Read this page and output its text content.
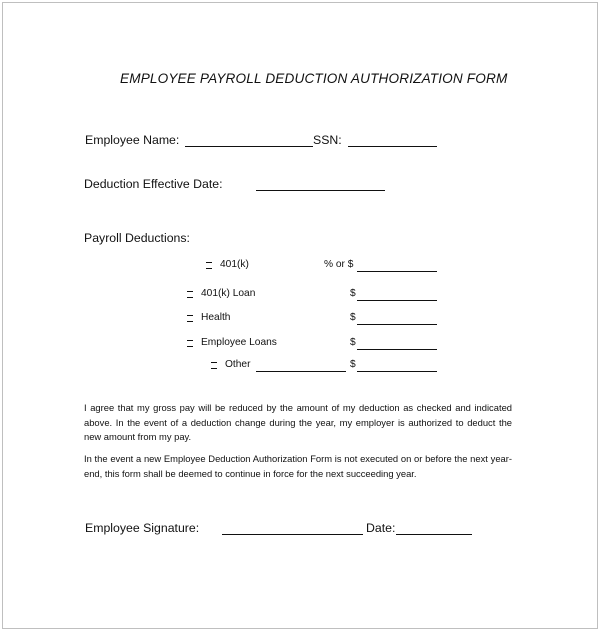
EMPLOYEE PAYROLL DEDUCTION AUTHORIZATION FORM
Employee Name:	SSN:
Deduction Effective Date:
Payroll Deductions:
401(k)	% or $
401(k) Loan	$
Health	$
Employee Loans	$
Other	$
I agree that my gross pay will be reduced by the amount of my deduction as checked and indicated above. In the event of a deduction change during the year, my employer is authorized to deduct the new amount from my pay.
In the event a new Employee Deduction Authorization Form is not executed on or before the next year-end, this form shall be deemed to continue in force for the next succeeding year.
Employee Signature:	Date:
